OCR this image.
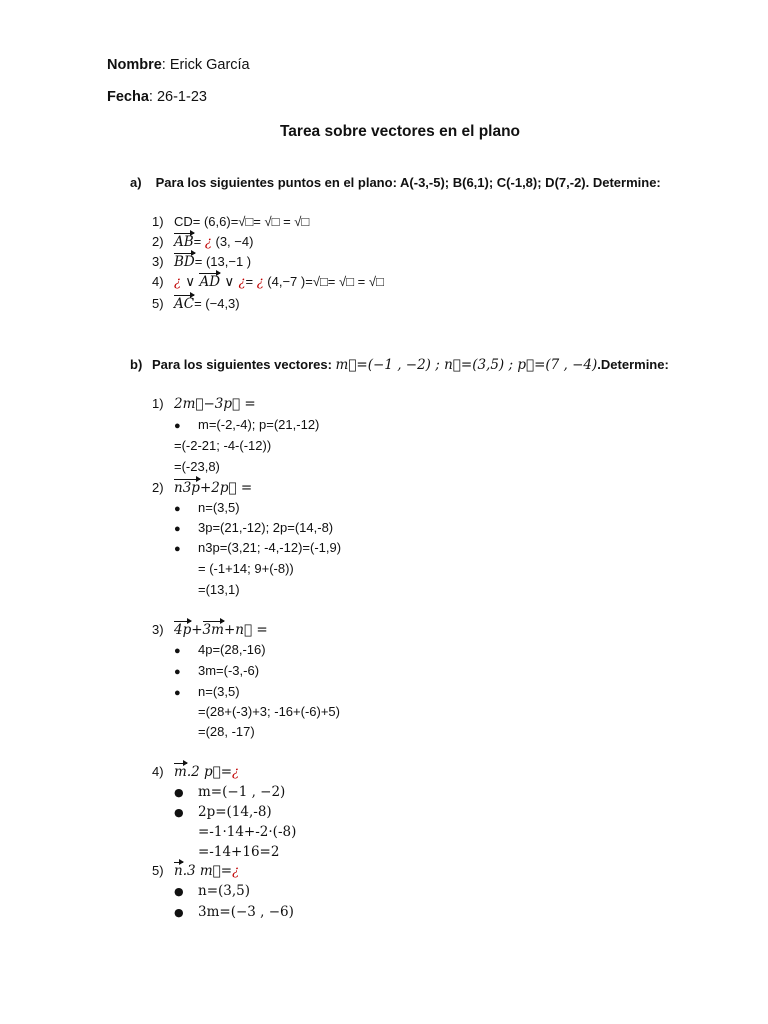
Nombre: Erick García
Fecha: 26-1-23
Tarea sobre vectores en el plano
a) Para los siguientes puntos en el plano: A(-3,-5); B(6,1); C(-1,8); D(7,-2). Determine:
1) CD= (6,6)=√□= √□ = √□
2) AB= ¿ (3, −4)
3) BD= (13,−1 )
4) ¿ ∨ AD ∨ ¿= ¿ (4,−7 )=√□= √□ = √□
5) AC= (−4,3)
b) Para los siguientes vectores: m⃗=(−1 , −2) ; n⃗=(3,5) ; p⃗=(7 , −4).Determine:
1) 2m⃗−3p⃗ =
● m=(-2,-4); p=(21,-12)
=(-2-21; -4-(-12))
=(-23,8)
2) n3p+2p⃗ =
● n=(3,5)
● 3p=(21,-12); 2p=(14,-8)
● n3p=(3,21; -4,-12)=(-1,9)
= (-1+14; 9+(-8))
=(13,1)
3) 4p+3m+n⃗ =
● 4p=(28,-16)
● 3m=(-3,-6)
● n=(3,5)
=(28+(-3)+3; -16+(-6)+5)
=(28, -17)
4) m.2 p⃗=¿
● m=(−1 , −2)
● 2p=(14,-8)
=-1·14+-2·(-8)
=-14+16=2
5) n.3 m⃗=¿
● n=(3,5)
● 3m=(−3 , −6)
